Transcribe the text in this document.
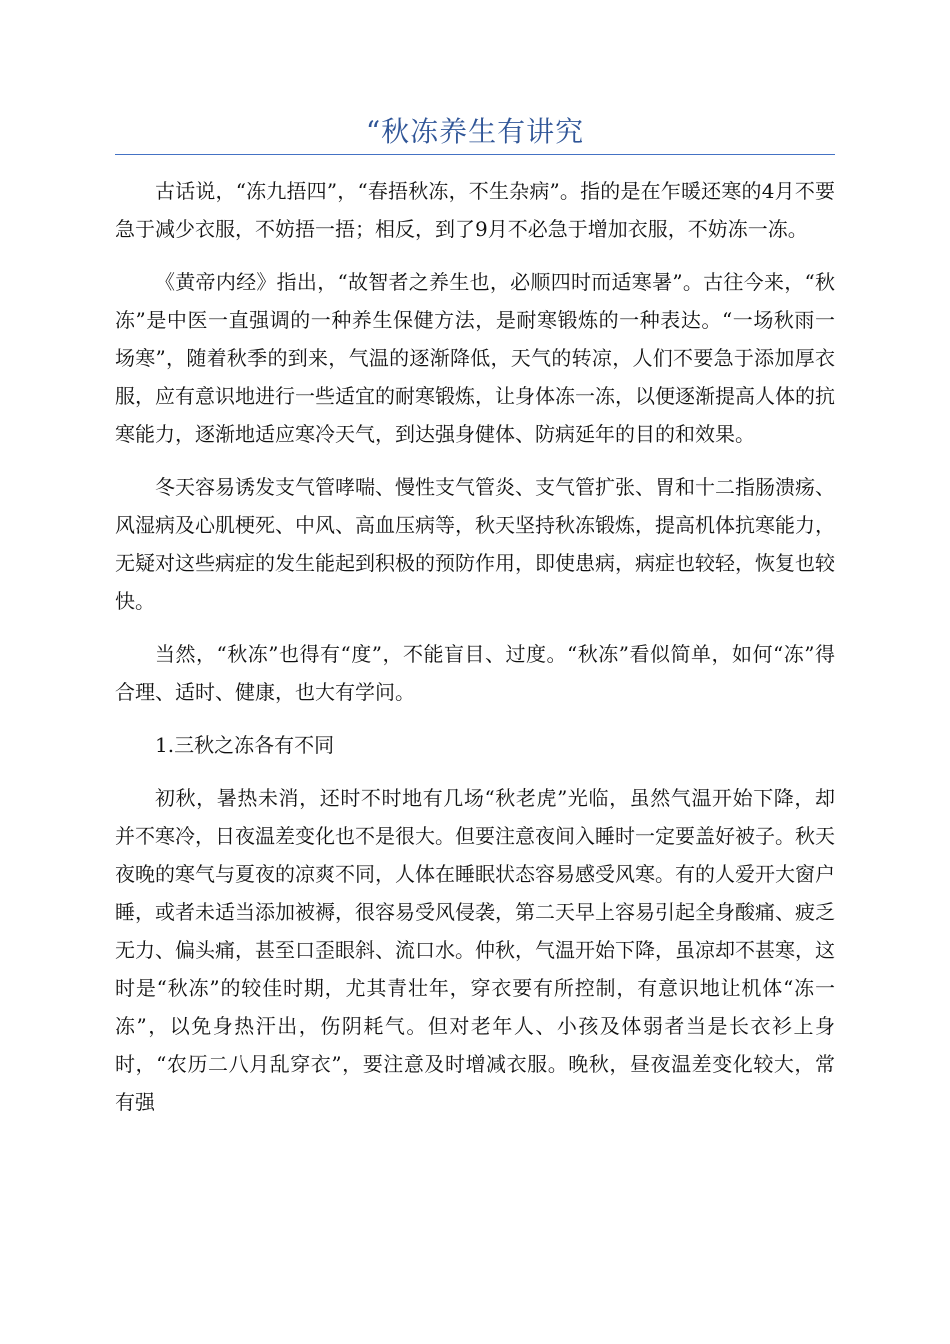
“秋冻养生有讲究

古话说，“冻九捂四”，“春捂秋冻，不生杂病”。指的是在乍暖还寒的4月不要急于减少衣服，不妨捂一捂；相反，到了9月不必急于增加衣服，不妨冻一冻。

《黄帝内经》指出，“故智者之养生也，必顺四时而适寒暑”。古往今来，“秋冻”是中医一直强调的一种养生保健方法，是耐寒锻炼的一种表达。“一场秋雨一场寒”，随着秋季的到来，气温的逐渐降低，天气的转凉，人们不要急于添加厚衣服，应有意识地进行一些适宜的耐寒锻炼，让身体冻一冻，以便逐渐提高人体的抗寒能力，逐渐地适应寒冷天气，到达强身健体、防病延年的目的和效果。

冬天容易诱发支气管哮喘、慢性支气管炎、支气管扩张、胃和十二指肠溃疡、风湿病及心肌梗死、中风、高血压病等，秋天坚持秋冻锻炼，提高机体抗寒能力，无疑对这些病症的发生能起到积极的预防作用，即使患病，病症也较轻，恢复也较快。

当然，“秋冻”也得有“度”，不能盲目、过度。“秋冻”看似简单，如何“冻”得合理、适时、健康，也大有学问。

1.三秋之冻各有不同

初秋，暑热未消，还时不时地有几场“秋老虎”光临，虽然气温开始下降，却并不寒冷，日夜温差变化也不是很大。但要注意夜间入睡时一定要盖好被子。秋天夜晚的寒气与夏夜的凉爽不同，人体在睡眠状态容易感受风寒。有的人爱开大窗户睡，或者未适当添加被褥，很容易受风侵袭，第二天早上容易引起全身酸痛、疲乏无力、偏头痛，甚至口歪眼斜、流口水。仲秋，气温开始下降，虽凉却不甚寒，这时是“秋冻”的较佳时期，尤其青壮年，穿衣要有所控制，有意识地让机体“冻一冻”，以免身热汗出，伤阴耗气。但对老年人、小孩及体弱者当是长衣衫上身时，“农历二八月乱穿衣”，要注意及时增减衣服。晚秋，昼夜温差变化较大，常有强
